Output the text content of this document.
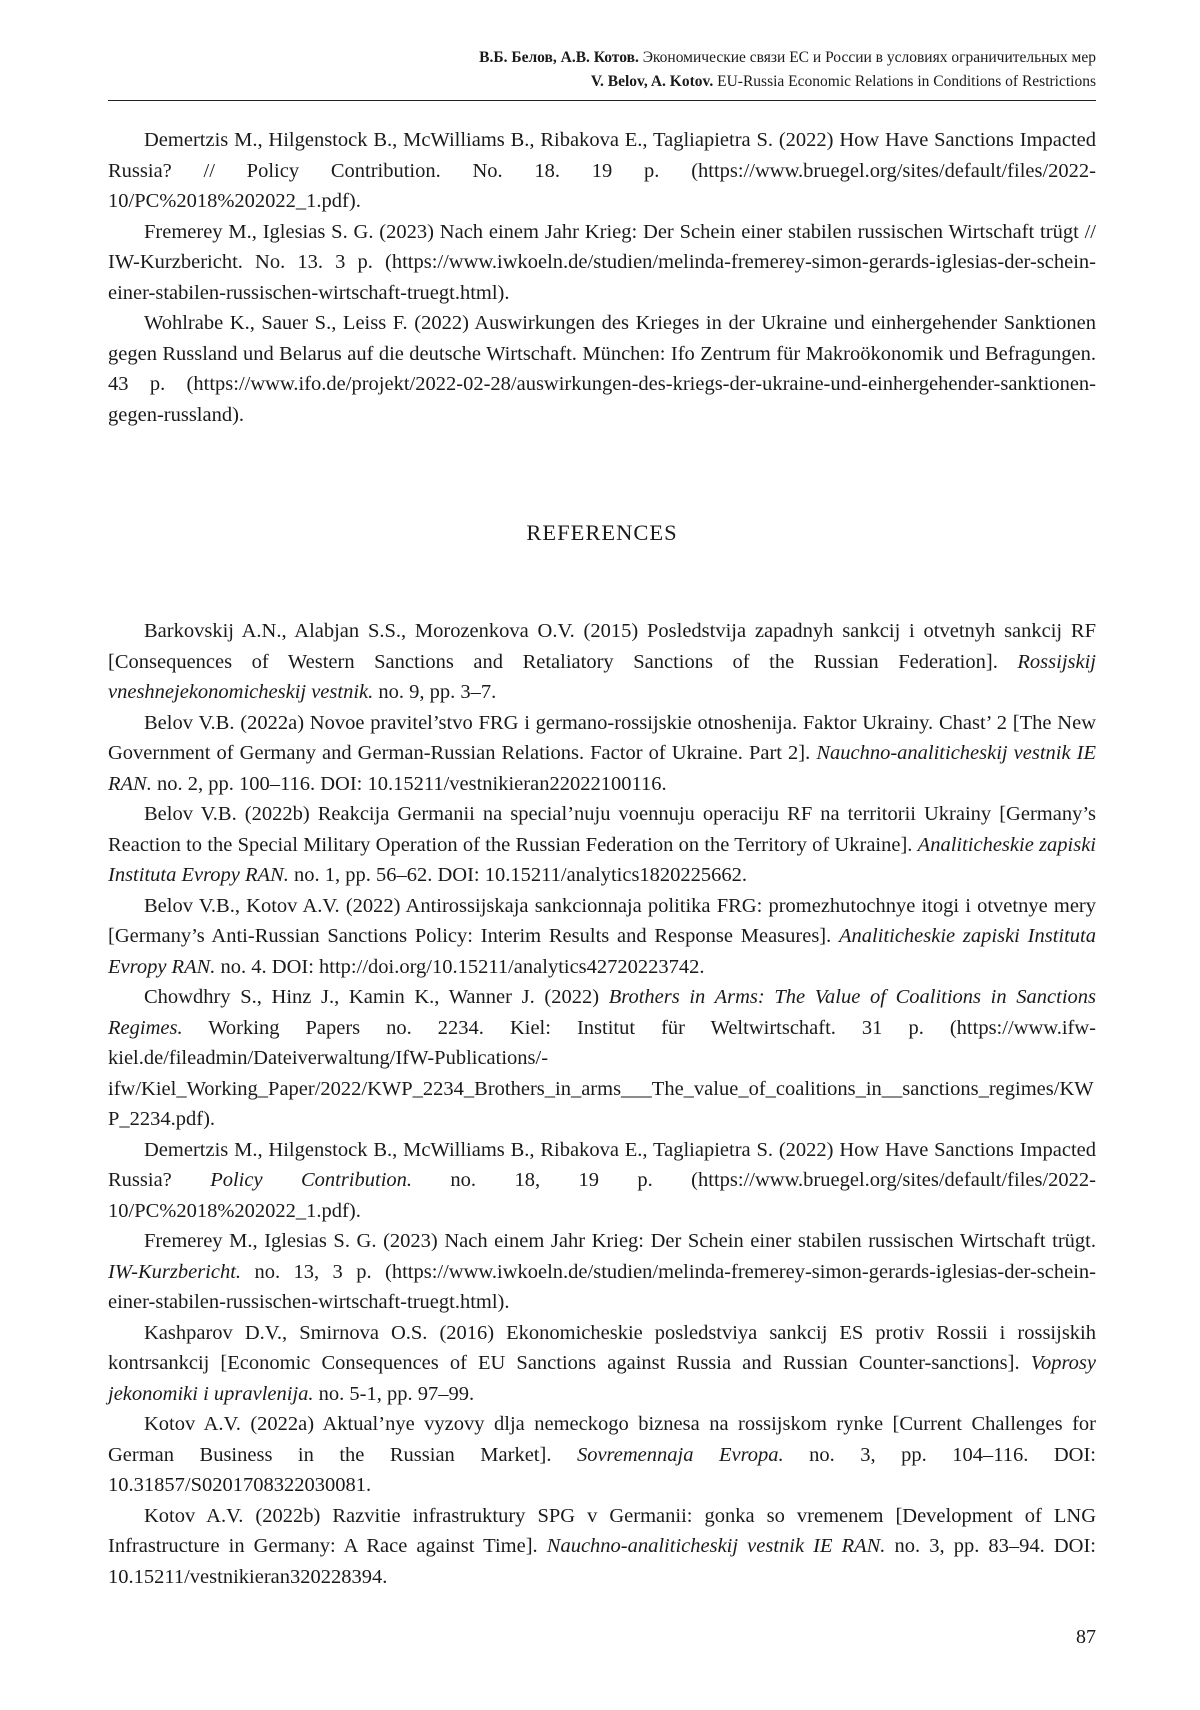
В.Б. Белов, А.В. Котов. Экономические связи ЕС и России в условиях ограничительных мер
V. Belov, A. Kotov. EU-Russia Economic Relations in Conditions of Restrictions

Demertzis M., Hilgenstock B., McWilliams B., Ribakova E., Tagliapietra S. (2022) How Have Sanctions Impacted Russia? // Policy Contribution. No. 18. 19 p. (https://www.bruegel.org/sites/default/files/2022-10/PC%2018%202022_1.pdf).

Fremerey M., Iglesias S. G. (2023) Nach einem Jahr Krieg: Der Schein einer stabilen russischen Wirtschaft trügt // IW-Kurzbericht. No. 13. 3 p. (https://www.iwkoeln.de/studien/melinda-fremerey-simon-gerards-iglesias-der-schein-einer-stabilen-russischen-wirtschaft-truegt.html).

Wohlrabe K., Sauer S., Leiss F. (2022) Auswirkungen des Krieges in der Ukraine und einhergehender Sanktionen gegen Russland und Belarus auf die deutsche Wirtschaft. München: Ifo Zentrum für Makroökonomik und Befragungen. 43 p. (https://www.ifo.de/projekt/2022-02-28/auswirkungen-des-kriegs-der-ukraine-und-einhergehender-sanktionen-gegen-russland).

REFERENCES

Barkovskij A.N., Alabjan S.S., Morozenkova O.V. (2015) Posledstvija zapadnyh sankcij i otvetnyh sankcij RF [Consequences of Western Sanctions and Retaliatory Sanctions of the Russian Federation]. Rossijskij vneshnejekonomicheskij vestnik. no. 9, pp. 3–7.

Belov V.B. (2022a) Novoe pravitel’stvo FRG i germano-rossijskie otnoshenija. Faktor Ukrainy. Chast’ 2 [The New Government of Germany and German-Russian Relations. Factor of Ukraine. Part 2]. Nauchno-analiticheskij vestnik IE RAN. no. 2, pp. 100–116. DOI: 10.15211/vestnikieran22022100116.

Belov V.B. (2022b) Reakcija Germanii na special’nuju voennuju operaciju RF na territorii Ukrainy [Germany’s Reaction to the Special Military Operation of the Russian Federation on the Territory of Ukraine]. Analiticheskie zapiski Instituta Evropy RAN. no. 1, pp. 56–62. DOI: 10.15211/analytics1820225662.

Belov V.B., Kotov A.V. (2022) Antirossijskaja sankcionnaja politika FRG: promezhutochnye itogi i otvetnye mery [Germany’s Anti-Russian Sanctions Policy: Interim Results and Response Measures]. Analiticheskie zapiski Instituta Evropy RAN. no. 4. DOI: http://doi.org/10.15211/analytics42720223742.

Chowdhry S., Hinz J., Kamin K., Wanner J. (2022) Brothers in Arms: The Value of Coalitions in Sanctions Regimes. Working Papers no. 2234. Kiel: Institut für Weltwirtschaft. 31 p. (https://www.ifw-kiel.de/fileadmin/Dateiverwaltung/IfW-Publications/-ifw/Kiel_Working_Paper/2022/KWP_2234_Brothers_in_arms___The_value_of_coalitions_in__sanctions_regimes/KWP_2234.pdf).

Demertzis M., Hilgenstock B., McWilliams B., Ribakova E., Tagliapietra S. (2022) How Have Sanctions Impacted Russia? Policy Contribution. no. 18, 19 p. (https://www.bruegel.org/sites/default/files/2022-10/PC%2018%202022_1.pdf).

Fremerey M., Iglesias S. G. (2023) Nach einem Jahr Krieg: Der Schein einer stabilen russischen Wirtschaft trügt. IW-Kurzbericht. no. 13, 3 p. (https://www.iwkoeln.de/studien/melinda-fremerey-simon-gerards-iglesias-der-schein-einer-stabilen-russischen-wirtschaft-truegt.html).

Kashparov D.V., Smirnova O.S. (2016) Ekonomicheskie posledstviya sankcij ES protiv Rossii i rossijskih kontrsankcij [Economic Consequences of EU Sanctions against Russia and Russian Counter-sanctions]. Voprosy jekonomiki i upravlenija. no. 5-1, pp. 97–99.

Kotov A.V. (2022a) Aktual’nye vyzovy dlja nemeckogo biznesa na rossijskom rynke [Current Challenges for German Business in the Russian Market]. Sovremennaja Evropa. no. 3, pp. 104–116. DOI: 10.31857/S0201708322030081.

Kotov A.V. (2022b) Razvitie infrastruktury SPG v Germanii: gonka so vremenem [Development of LNG Infrastructure in Germany: A Race against Time]. Nauchno-analiticheskij vestnik IE RAN. no. 3, pp. 83–94. DOI: 10.15211/vestnikieran320228394.

87
